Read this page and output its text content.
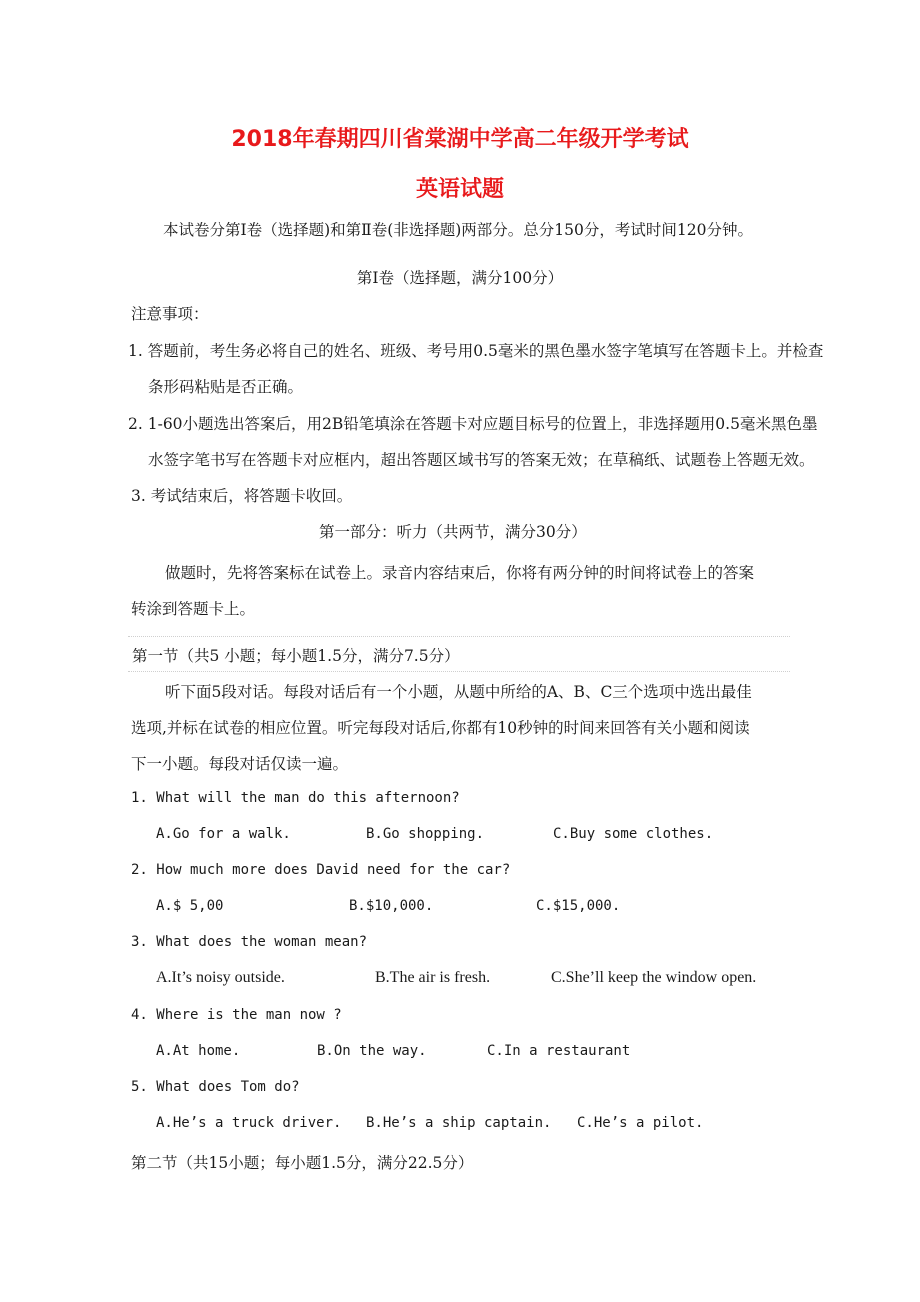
2018年春期四川省棠湖中学高二年级开学考试
英语试题
本试卷分第Ⅰ卷（选择题)和第Ⅱ卷(非选择题)两部分。总分150分，考试时间120分钟。
第Ⅰ卷（选择题，满分100分）
注意事项：
1. 答题前，考生务必将自己的姓名、班级、考号用0.5毫米的黑色墨水签字笔填写在答题卡上。并检查
条形码粘贴是否正确。
2. 1-60小题选出答案后，用2B铅笔填涂在答题卡对应题目标号的位置上，非选择题用0.5毫米黑色墨
水签字笔书写在答题卡对应框内，超出答题区域书写的答案无效；在草稿纸、试题卷上答题无效。
3. 考试结束后，将答题卡收回。
第一部分：听力（共两节，满分30分）
做题时，先将答案标在试卷上。录音内容结束后，你将有两分钟的时间将试卷上的答案
转涂到答题卡上。
第一节（共5 小题；每小题1.5分，满分7.5分）
听下面5段对话。每段对话后有一个小题，从题中所给的A、B、C三个选项中选出最佳
选项,并标在试卷的相应位置。听完每段对话后,你都有10秒钟的时间来回答有关小题和阅读
下一小题。每段对话仅读一遍。
1. What will the man do this afternoon?
A.Go for a walk.	B.Go shopping.	C.Buy some clothes.
2. How much more does David need for the car?
A.$ 5,00	B.$10,000.	C.$15,000.
3. What does the woman mean?
A.It’s noisy outside.	B.The air is fresh.	C.She’ll keep the window open.
4. Where is the man now ?
A.At home.	B.On the way.	C.In a restaurant
5. What does Tom do?
A.He’s a truck driver. B.He’s a ship captain. C.He’s a pilot.
第二节（共15小题；每小题1.5分，满分22.5分）
